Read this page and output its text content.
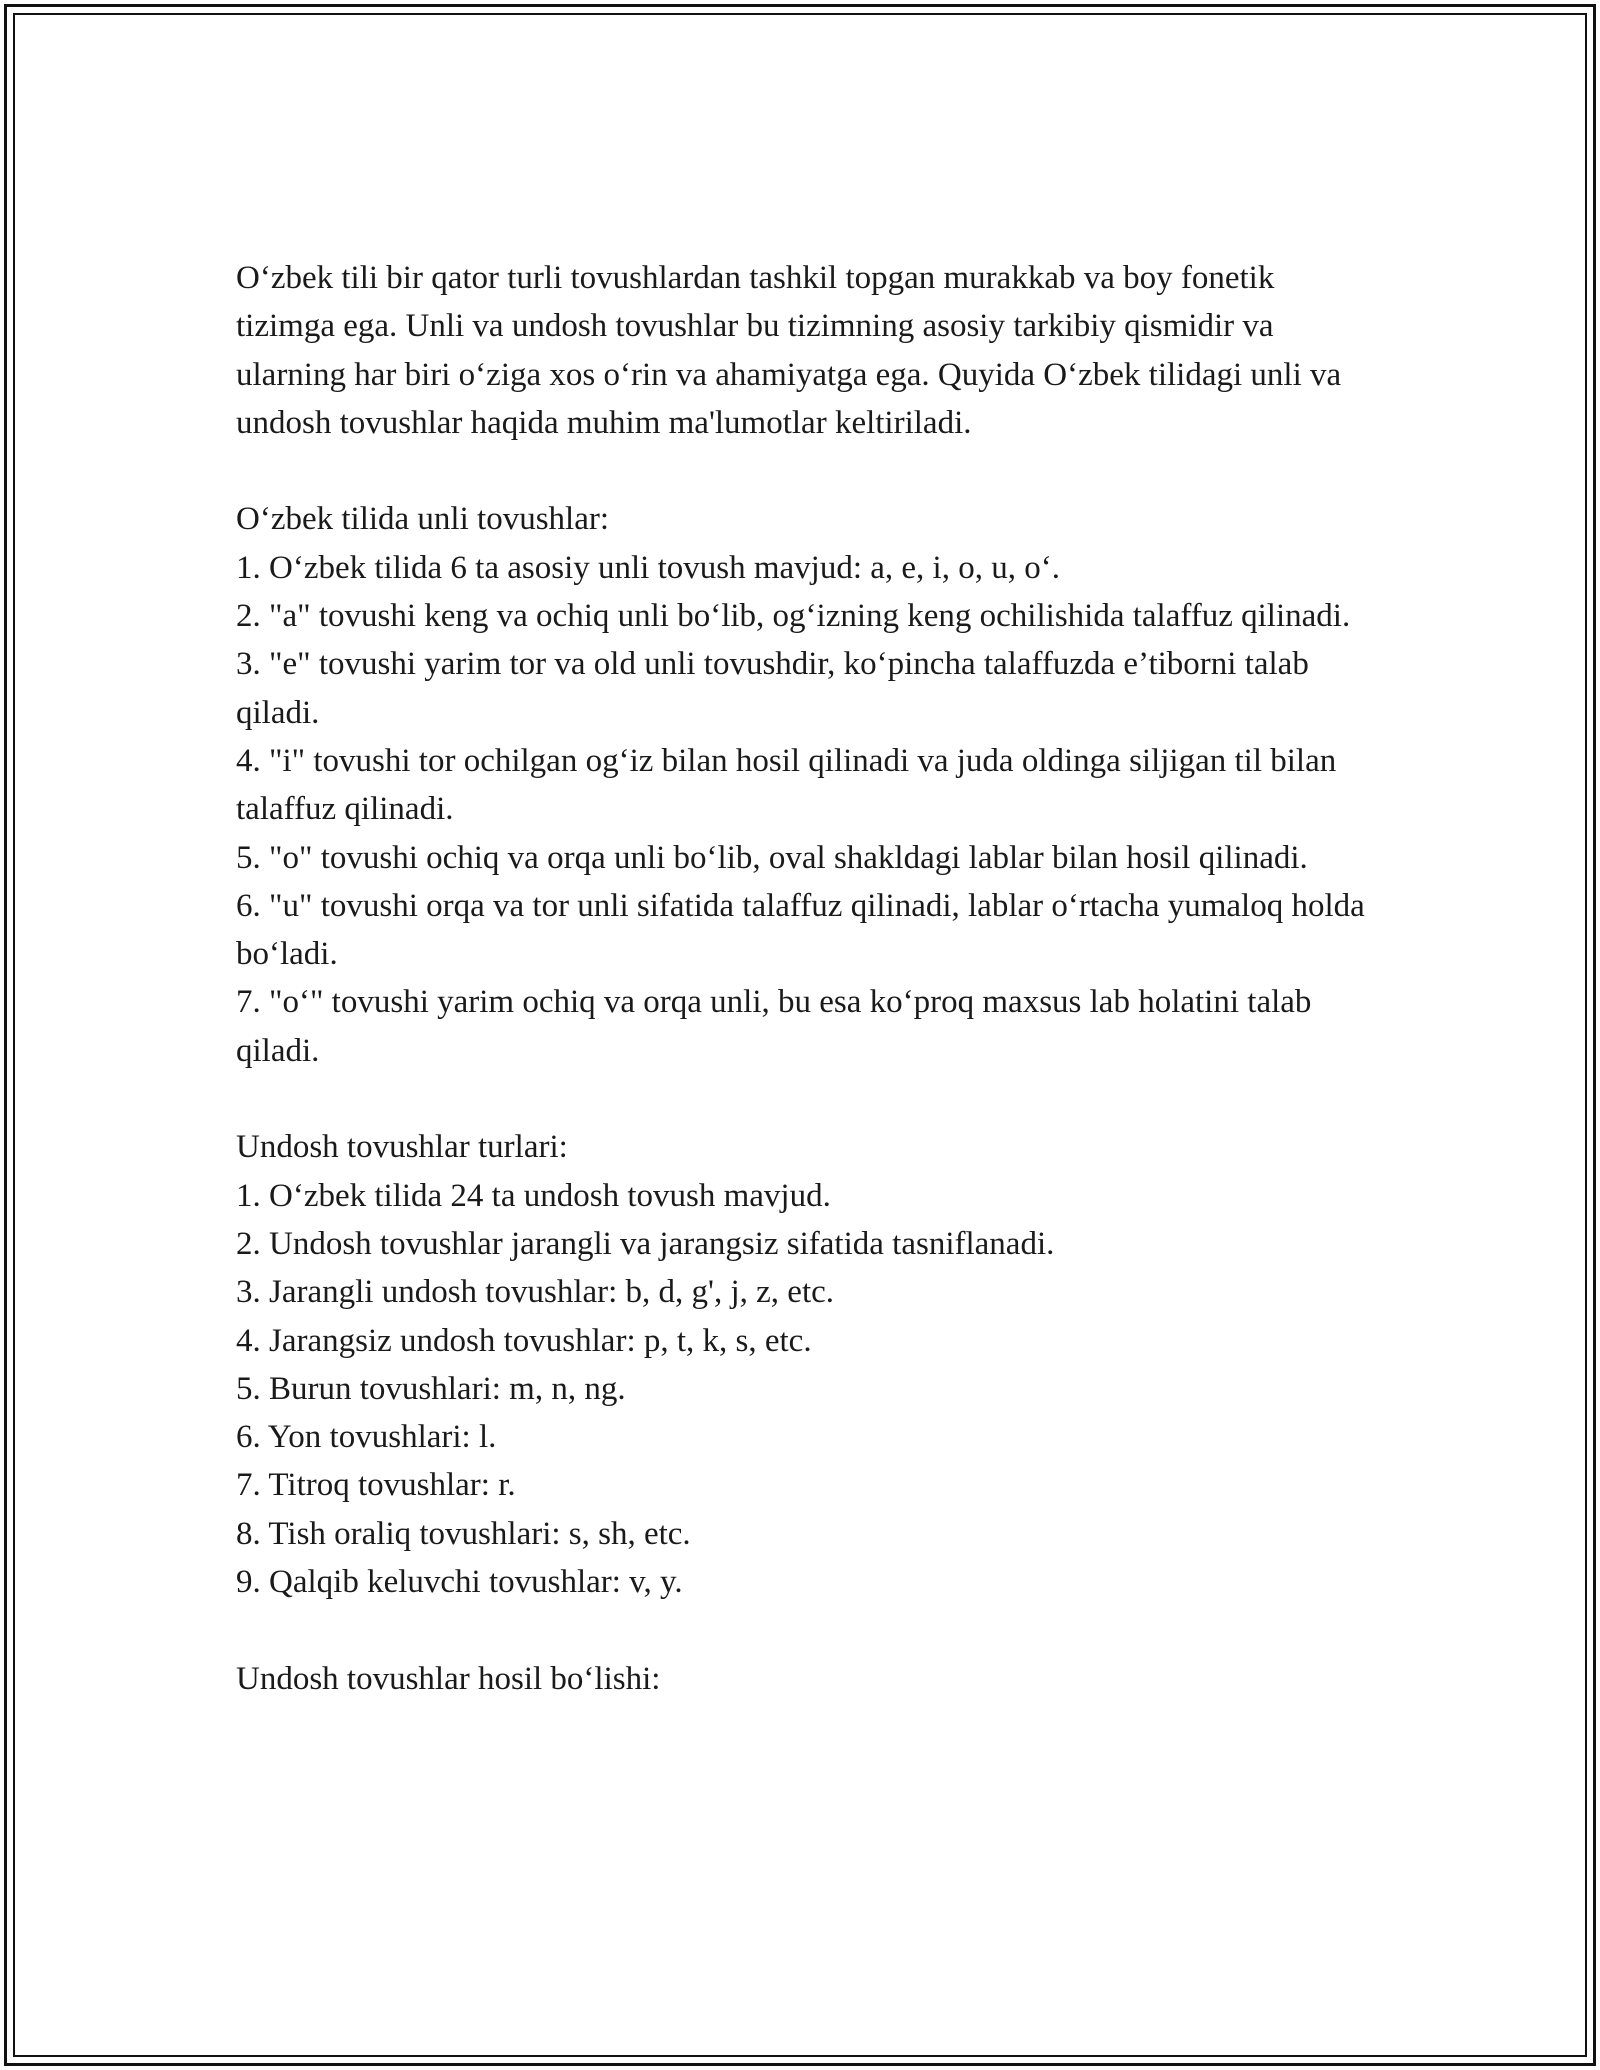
O‘zbek tili bir qator turli tovushlardan tashkil topgan murakkab va boy fonetik tizimga ega. Unli va undosh tovushlar bu tizimning asosiy tarkibiy qismidir va ularning har biri o‘ziga xos o‘rin va ahamiyatga ega. Quyida O‘zbek tilidagi unli va undosh tovushlar haqida muhim ma'lumotlar keltiriladi.

O‘zbek tilida unli tovushlar:

1. O‘zbek tilida 6 ta asosiy unli tovush mavjud: a, e, i, o, u, o‘.

2. "a" tovushi keng va ochiq unli bo‘lib, og‘izning keng ochilishida talaffuz qilinadi.

3. "e" tovushi yarim tor va old unli tovushdir, ko‘pincha talaffuzda e’tiborni talab qiladi.

4. "i" tovushi tor ochilgan og‘iz bilan hosil qilinadi va juda oldinga siljigan til bilan talaffuz qilinadi.

5. "o" tovushi ochiq va orqa unli bo‘lib, oval shakldagi lablar bilan hosil qilinadi.

6. "u" tovushi orqa va tor unli sifatida talaffuz qilinadi, lablar o‘rtacha yumaloq holda bo‘ladi.

7. "o‘" tovushi yarim ochiq va orqa unli, bu esa ko‘proq maxsus lab holatini talab qiladi.

Undosh tovushlar turlari:

1. O‘zbek tilida 24 ta undosh tovush mavjud.

2. Undosh tovushlar jarangli va jarangsiz sifatida tasniflanadi.

3. Jarangli undosh tovushlar: b, d, g', j, z, etc.

4. Jarangsiz undosh tovushlar: p, t, k, s, etc.

5. Burun tovushlari: m, n, ng.

6. Yon tovushlari: l.

7. Titroq tovushlar: r.

8. Tish oraliq tovushlari: s, sh, etc.

9. Qalqib keluvchi tovushlar: v, y.

Undosh tovushlar hosil bo‘lishi:
